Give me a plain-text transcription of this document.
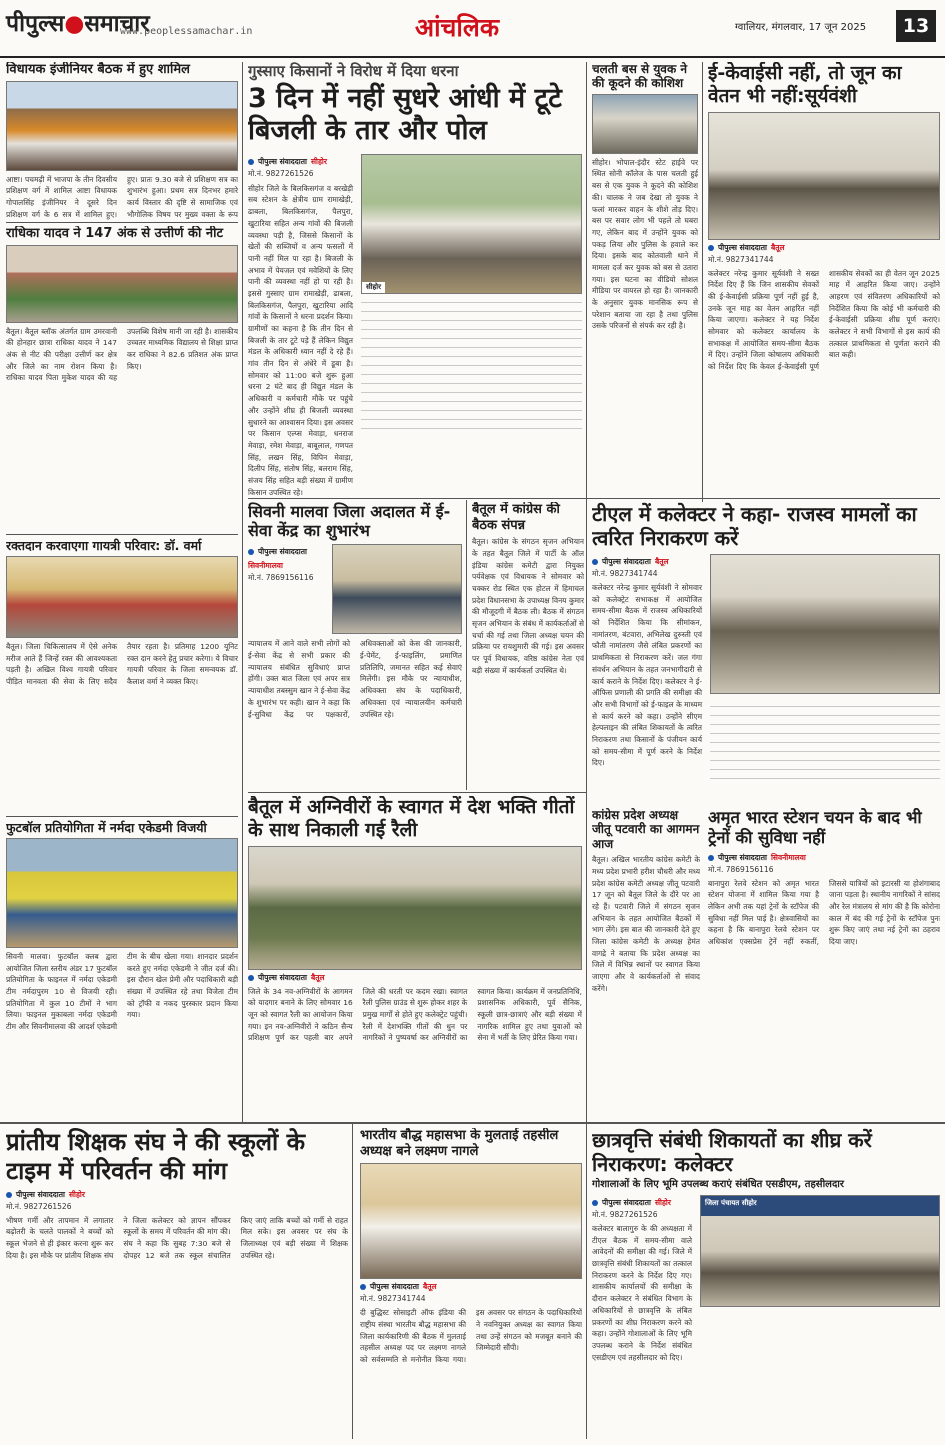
पीपुल्स●समाचार
www.peoplessamachar.in	आंचलिक	ग्वालियर, मंगलवार, 17 जून 2025	13
विधायक इंजीनियर बैठक में हुए शामिल

आष्टा। पचमढ़ी में भाजपा के तीन दिवसीय प्रशिक्षण वर्ग में शामिल आष्टा विधायक गोपालसिंह इंजीनियर ने दूसरे दिन प्रशिक्षण वर्ग के 6 सत्र में शामिल हुए। हुए। प्रातः 9.30 बजे से प्रशिक्षण सत्र का शुभारंभ हुआ। प्रथम सत्र दिनभर हमारे कार्य विस्तार की दृष्टि से सामाजिक एवं भौगोलिक विषय पर मुख्य वक्ता के रूप

राधिका यादव ने 147 अंक से उत्तीर्ण की नीट

बैतूल। बैतूल ब्लॉक अंतर्गत ग्राम उमरवानी की होनहार छात्रा राधिका यादव ने 147 अंक से नीट की परीक्षा उत्तीर्ण कर क्षेत्र और जिले का नाम रोशन किया है। राधिका यादव पिता मुकेश यादव की यह उपलब्धि विशेष मानी जा रही है। शासकीय उच्चतर माध्यमिक विद्यालय से शिक्षा प्राप्त कर राधिका ने 82.6 प्रतिशत अंक प्राप्त किए।

रक्तदान करवाएगा गायत्री परिवार: डॉ. वर्मा

बैतूल। जिला चिकित्सालय में ऐसे अनेक मरीज आते हैं जिन्हें रक्त की आवश्यकता पड़ती है। अखिल विश्व गायत्री परिवार पीड़ित मानवता की सेवा के लिए सदैव तैयार रहता है। प्रतिमाह 1200 यूनिट रक्त दान करने हेतु प्रचार करेगा। ये विचार गायत्री परिवार के जिला समन्वयक डॉ. कैलाश वर्मा ने व्यक्त किए।

फुटबॉल प्रतियोगिता में नर्मदा एकेडमी विजयी

सिवनी मालवा। फुटबॉल क्लब द्वारा आयोजित जिला स्तरीय अंडर 17 फुटबॉल प्रतियोगिता के फाइनल में नर्मदा एकेडमी टीम नर्मदापुरम 10 से विजयी रही। प्रतियोगिता में कुल 10 टीमों ने भाग लिया। फाइनल मुकाबला नर्मदा एकेडमी टीम और सिवनीमालवा की आदर्श एकेडमी टीम के बीच खेला गया। शानदार प्रदर्शन करते हुए नर्मदा एकेडमी ने जीत दर्ज की। इस दौरान खेल प्रेमी और पदाधिकारी बड़ी संख्या में उपस्थित रहे तथा विजेता टीम को ट्रॉफी व नकद पुरस्कार प्रदान किया गया।

गुस्साए किसानों ने विरोध में दिया धरना
3 दिन में नहीं सुधरे आंधी में टूटे बिजली के तार और पोल
पीपुल्स संवाददाता सीहोर
मो.नं. 9827261526

सीहोर जिले के बिलकिसगंज व बरखेड़ी सब स्टेशन के क्षेत्रीय ग्राम रामाखेड़ी, ढाबला, बिलकिसगंज, पैलपुरा, खुटारिया सहित अन्य गांवों की बिजली व्यवस्था पड़ी है, जिससे किसानों के खेतों की सब्जियों व अन्य फसलों में पानी नहीं मिल पा रहा है। बिजली के अभाव में पेयजल एवं मवेशियों के लिए पानी की व्यवस्था नहीं हो पा रही है। इससे गुस्साए ग्राम रामाखेड़ी, ढाबला, बिलकिसगंज, पैलपुरा, खुटारिया आदि गांवों के किसानों ने धरना प्रदर्शन किया। ग्रामीणों का कहना है कि तीन दिन से बिजली के तार टूटे पड़े हैं लेकिन विद्युत मंडल के अधिकारी ध्यान नहीं दे रहे हैं। गांव तीन दिन से अंधेरे में डूबा है। सोमवार को 11:00 बजे शुरू हुआ धरना 2 घंटे बाद ही विद्युत मंडल के अधिकारी व कर्मचारी मौके पर पहुंचे और उन्होंने शीघ्र ही बिजली व्यवस्था सुधारने का आश्वासन दिया। इस अवसर पर किसान एल्प्स मेवाड़ा, धनराज मेवाड़ा, रमेश मेवाड़ा, बाबूलाल, गणपत सिंह, लखन सिंह, विपिन मेवाड़ा, दिलीप सिंह, संतोष सिंह, बलराम सिंह, संजय सिंह सहित बड़ी संख्या में ग्रामीण किसान उपस्थित रहे।

सीहोर
चलती बस से युवक ने की कूदने की कोशिश

सीहोर। भोपाल-इंदौर स्टेट हाईवे पर स्थित सोनी कॉलेज के पास चलती हुई बस से एक युवक ने कूदने की कोशिश की। चालक ने जब देखा तो युवक ने फलां मारकर वाहन के शीशे तोड़ दिए। बस पर सवार लोग भी पहले तो घबरा गए, लेकिन बाद में उन्होंने युवक को पकड़ लिया और पुलिस के हवाले कर दिया। इसके बाद कोतवाली थाने में मामला दर्ज कर युवक को बस से उतारा गया। इस घटना का वीडियो सोशल मीडिया पर वायरल हो रहा है। जानकारी के अनुसार युवक मानसिक रूप से परेशान बताया जा रहा है तथा पुलिस उसके परिजनों से संपर्क कर रही है।

ई-केवाईसी नहीं, तो जून का वेतन भी नहीं:सूर्यवंशी
पीपुल्स संवाददाता बैतूल
मो.नं. 9827341744

कलेक्टर नरेन्द्र कुमार सूर्यवंशी ने सख्त निर्देश दिए हैं कि जिन शासकीय सेवकों की ई-केवाईसी प्रक्रिया पूर्ण नहीं हुई है, उनके जून माह का वेतन आहरित नहीं किया जाएगा। कलेक्टर ने यह निर्देश सोमवार को कलेक्टर कार्यालय के सभाकक्ष में आयोजित समय-सीमा बैठक में दिए। उन्होंने जिला कोषालय अधिकारी को निर्देश दिए कि केवल ई-केवाईसी पूर्ण शासकीय सेवकों का ही वेतन जून 2025 माह में आहरित किया जाए। उन्होंने आहरण एवं संवितरण अधिकारियों को निर्देशित किया कि कोई भी कर्मचारी की ई-केवाईसी प्रक्रिया शीघ्र पूर्ण कराएं। कलेक्टर ने सभी विभागों से इस कार्य की तत्काल प्राथमिकता से पूर्णता कराने की बात कही।

सिवनी मालवा जिला अदालत में ई-सेवा केंद्र का शुभारंभ
पीपुल्स संवाददाता
सिवनीमालवा
मो.नं. 7869156116

न्यायालय में आने वाले सभी लोगों को ई-सेवा केंद्र से सभी प्रकार की न्यायालय संबंधित सुविधाएं प्राप्त होंगी। उक्त बात जिला एवं अपर सत्र न्यायाधीश तबस्सुम खान ने ई-सेवा केंद्र के शुभारंभ पर कही। खान ने कहा कि ई-सुविधा केंद्र पर पक्षकारों, अधिवक्ताओं को केस की जानकारी, ई-पेमेंट, ई-फाइलिंग, प्रमाणित प्रतिलिपि, जमानत सहित कई सेवाएं मिलेंगी। इस मौके पर न्यायाधीश, अधिवक्ता संघ के पदाधिकारी, अधिवक्ता एवं न्यायालयीन कर्मचारी उपस्थित रहे।

बैतूल में कांग्रेस की बैठक संपन्न

बैतूल। कांग्रेस के संगठन सृजन अभियान के तहत बैतूल जिले में पार्टी के ऑल इंडिया कांग्रेस कमेटी द्वारा नियुक्त पर्यवेक्षक एवं विधायक ने सोमवार को चक्कर रोड स्थित एक होटल में हिमाचल प्रदेश विधानसभा के उपाध्यक्ष विनय कुमार की मौजूदगी में बैठक ली। बैठक में संगठन सृजन अभियान के संबंध में कार्यकर्ताओं से चर्चा की गई तथा जिला अध्यक्ष चयन की प्रक्रिया पर रायशुमारी की गई। इस अवसर पर पूर्व विधायक, वरिष्ठ कांग्रेस नेता एवं बड़ी संख्या में कार्यकर्ता उपस्थित थे।

टीएल में कलेक्टर ने कहा- राजस्व मामलों का त्वरित निराकरण करें
पीपुल्स संवाददाता बैतूल
मो.नं. 9827341744

कलेक्टर नरेन्द्र कुमार सूर्यवंशी ने सोमवार को कलेक्ट्रेट सभाकक्ष में आयोजित समय-सीमा बैठक में राजस्व अधिकारियों को निर्देशित किया कि सीमांकन, नामांतरण, बंटवारा, अभिलेख दुरुस्ती एवं फौती नामांतरण जैसे लंबित प्रकरणों का प्राथमिकता से निराकरण करें। जल गंगा संवर्धन अभियान के तहत जनभागीदारी से कार्य कराने के निर्देश दिए। कलेक्टर ने ई-ऑफिस प्रणाली की प्रगति की समीक्षा की और सभी विभागों को ई-फाइल के माध्यम से कार्य करने को कहा। उन्होंने सीएम हेल्पलाइन की लंबित शिकायतों के त्वरित निराकरण तथा किसानों के पंजीयन कार्य को समय-सीमा में पूर्ण करने के निर्देश दिए।

बैतूल में अग्निवीरों के स्वागत में देश भक्ति गीतों के साथ निकाली गई रैली
पीपुल्स संवाददाता बैतूल

जिले के 34 नव-अग्निवीरों के आगमन को यादगार बनाने के लिए सोमवार 16 जून को स्वागत रैली का आयोजन किया गया। इन नव-अग्निवीरों ने कठिन सैन्य प्रशिक्षण पूर्ण कर पहली बार अपने जिले की धरती पर कदम रखा। स्वागत रैली पुलिस ग्राउंड से शुरू होकर शहर के प्रमुख मार्गों से होते हुए कलेक्ट्रेट पहुंची। रैली में देशभक्ति गीतों की धुन पर नागरिकों ने पुष्पवर्षा कर अग्निवीरों का स्वागत किया। कार्यक्रम में जनप्रतिनिधि, प्रशासनिक अधिकारी, पूर्व सैनिक, स्कूली छात्र-छात्राएं और बड़ी संख्या में नागरिक शामिल हुए तथा युवाओं को सेना में भर्ती के लिए प्रेरित किया गया।

कांग्रेस प्रदेश अध्यक्ष जीतू पटवारी का आगमन आज

बैतूल। अखिल भारतीय कांग्रेस कमेटी के मध्य प्रदेश प्रभारी हरीश चौधरी और मध्य प्रदेश कांग्रेस कमेटी अध्यक्ष जीतू पटवारी 17 जून को बैतूल जिले के दौरे पर आ रहे हैं। पटवारी जिले में संगठन सृजन अभियान के तहत आयोजित बैठकों में भाग लेंगे। इस बात की जानकारी देते हुए जिला कांग्रेस कमेटी के अध्यक्ष हेमंत वागद्रे ने बताया कि प्रदेश अध्यक्ष का जिले में विभिन्न स्थानों पर स्वागत किया जाएगा और वे कार्यकर्ताओं से संवाद करेंगे।

अमृत भारत स्टेशन चयन के बाद भी ट्रेनों की सुविधा नहीं
पीपुल्स संवाददाता सिवनीमालवा
मो.नं. 7869156116

बानापुरा रेलवे स्टेशन को अमृत भारत स्टेशन योजना में शामिल किया गया है लेकिन अभी तक यहां ट्रेनों के स्टॉपेज की सुविधा नहीं मिल पाई है। क्षेत्रवासियों का कहना है कि बानापुरा रेलवे स्टेशन पर अधिकांश एक्सप्रेस ट्रेनें नहीं रुकतीं, जिससे यात्रियों को इटारसी या होशंगाबाद जाना पड़ता है। स्थानीय नागरिकों ने सांसद और रेल मंत्रालय से मांग की है कि कोरोना काल में बंद की गई ट्रेनों के स्टॉपेज पुनः शुरू किए जाएं तथा नई ट्रेनों का ठहराव दिया जाए।

प्रांतीय शिक्षक संघ ने की स्कूलों के टाइम में परिवर्तन की मांग
पीपुल्स संवाददाता सीहोर
मो.नं. 9827261526

भीषण गर्मी और तापमान में लगातार बढ़ोतरी के चलते पालकों ने बच्चों को स्कूल भेजने से ही इंकार करना शुरू कर दिया है। इस मौके पर प्रांतीय शिक्षक संघ ने जिला कलेक्टर को ज्ञापन सौंपकर स्कूलों के समय में परिवर्तन की मांग की। संघ ने कहा कि सुबह 7:30 बजे से दोपहर 12 बजे तक स्कूल संचालित किए जाएं ताकि बच्चों को गर्मी से राहत मिल सके। इस अवसर पर संघ के जिलाध्यक्ष एवं बड़ी संख्या में शिक्षक उपस्थित रहे।

भारतीय बौद्ध महासभा के मुलताई तहसील अध्यक्ष बने लक्ष्मण नागले
पीपुल्स संवाददाता बैतूल
मो.नं. 9827341744

दी बुद्धिस्ट सोसाइटी ऑफ इंडिया की राष्ट्रीय संस्था भारतीय बौद्ध महासभा की जिला कार्यकारिणी की बैठक में मुलताई तहसील अध्यक्ष पद पर लक्ष्मण नागले को सर्वसम्मति से मनोनीत किया गया। इस अवसर पर संगठन के पदाधिकारियों ने नवनियुक्त अध्यक्ष का स्वागत किया तथा उन्हें संगठन को मजबूत बनाने की जिम्मेदारी सौंपी।

छात्रवृत्ति संबंधी शिकायतों का शीघ्र करें निराकरण: कलेक्टर
गोशालाओं के लिए भूमि उपलब्ध कराएं संबंधित एसडीएम, तहसीलदार
पीपुल्स संवाददाता सीहोर
मो.नं. 9827261526

कलेक्टर बालागुरु के की अध्यक्षता में टीएल बैठक में समय-सीमा वाले आवेदनों की समीक्षा की गई। जिले में छात्रवृत्ति संबंधी शिकायतों का तत्काल निराकरण करने के निर्देश दिए गए। शासकीय कार्यालयों की समीक्षा के दौरान कलेक्टर ने संबंधित विभाग के अधिकारियों से छात्रवृत्ति के लंबित प्रकरणों का शीघ्र निराकरण करने को कहा। उन्होंने गोशालाओं के लिए भूमि उपलब्ध कराने के निर्देश संबंधित एसडीएम एवं तहसीलदार को दिए।

जिला पंचायत सीहोर
